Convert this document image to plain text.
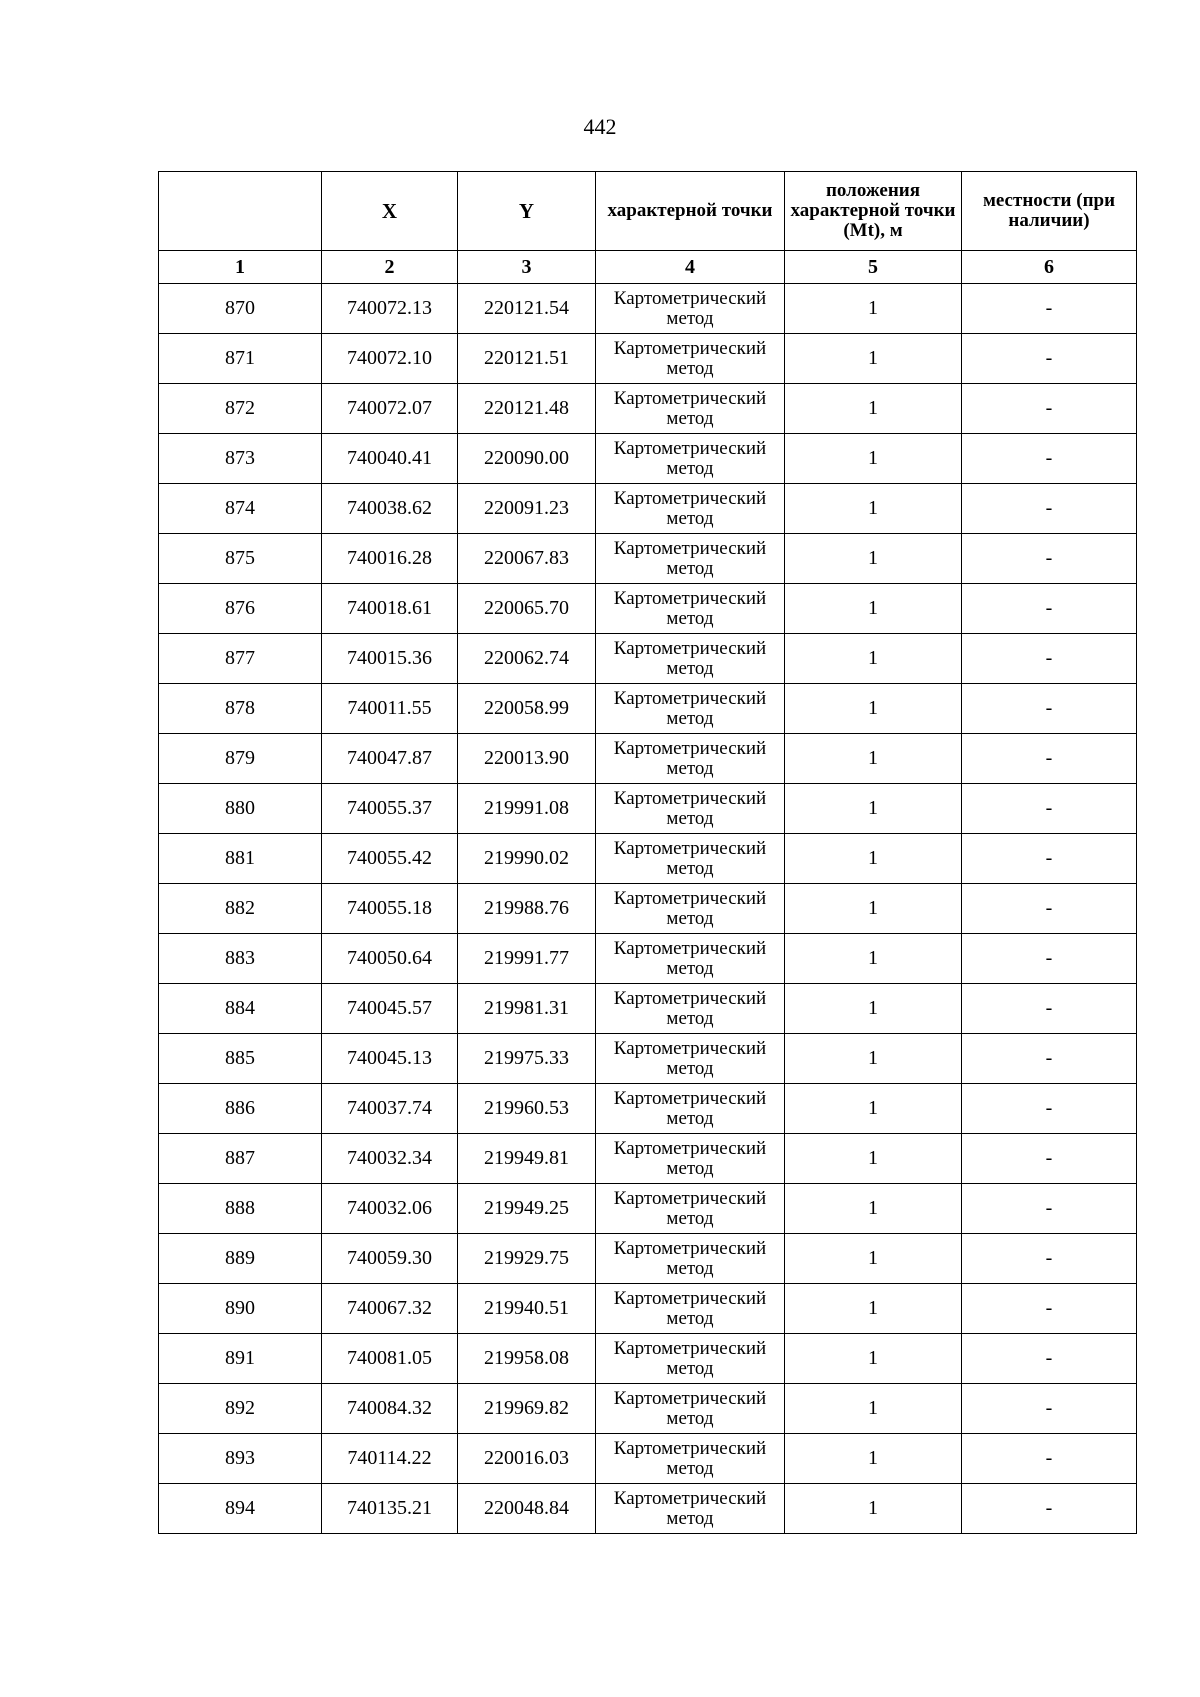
442
	X	Y	характерной точки	положения характерной точки (Mt), м	местности (при наличии)
1	2	3	4	5	6
870	740072.13	220121.54	Картометрический метод	1	-
871	740072.10	220121.51	Картометрический метод	1	-
872	740072.07	220121.48	Картометрический метод	1	-
873	740040.41	220090.00	Картометрический метод	1	-
874	740038.62	220091.23	Картометрический метод	1	-
875	740016.28	220067.83	Картометрический метод	1	-
876	740018.61	220065.70	Картометрический метод	1	-
877	740015.36	220062.74	Картометрический метод	1	-
878	740011.55	220058.99	Картометрический метод	1	-
879	740047.87	220013.90	Картометрический метод	1	-
880	740055.37	219991.08	Картометрический метод	1	-
881	740055.42	219990.02	Картометрический метод	1	-
882	740055.18	219988.76	Картометрический метод	1	-
883	740050.64	219991.77	Картометрический метод	1	-
884	740045.57	219981.31	Картометрический метод	1	-
885	740045.13	219975.33	Картометрический метод	1	-
886	740037.74	219960.53	Картометрический метод	1	-
887	740032.34	219949.81	Картометрический метод	1	-
888	740032.06	219949.25	Картометрический метод	1	-
889	740059.30	219929.75	Картометрический метод	1	-
890	740067.32	219940.51	Картометрический метод	1	-
891	740081.05	219958.08	Картометрический метод	1	-
892	740084.32	219969.82	Картометрический метод	1	-
893	740114.22	220016.03	Картометрический метод	1	-
894	740135.21	220048.84	Картометрический метод	1	-
